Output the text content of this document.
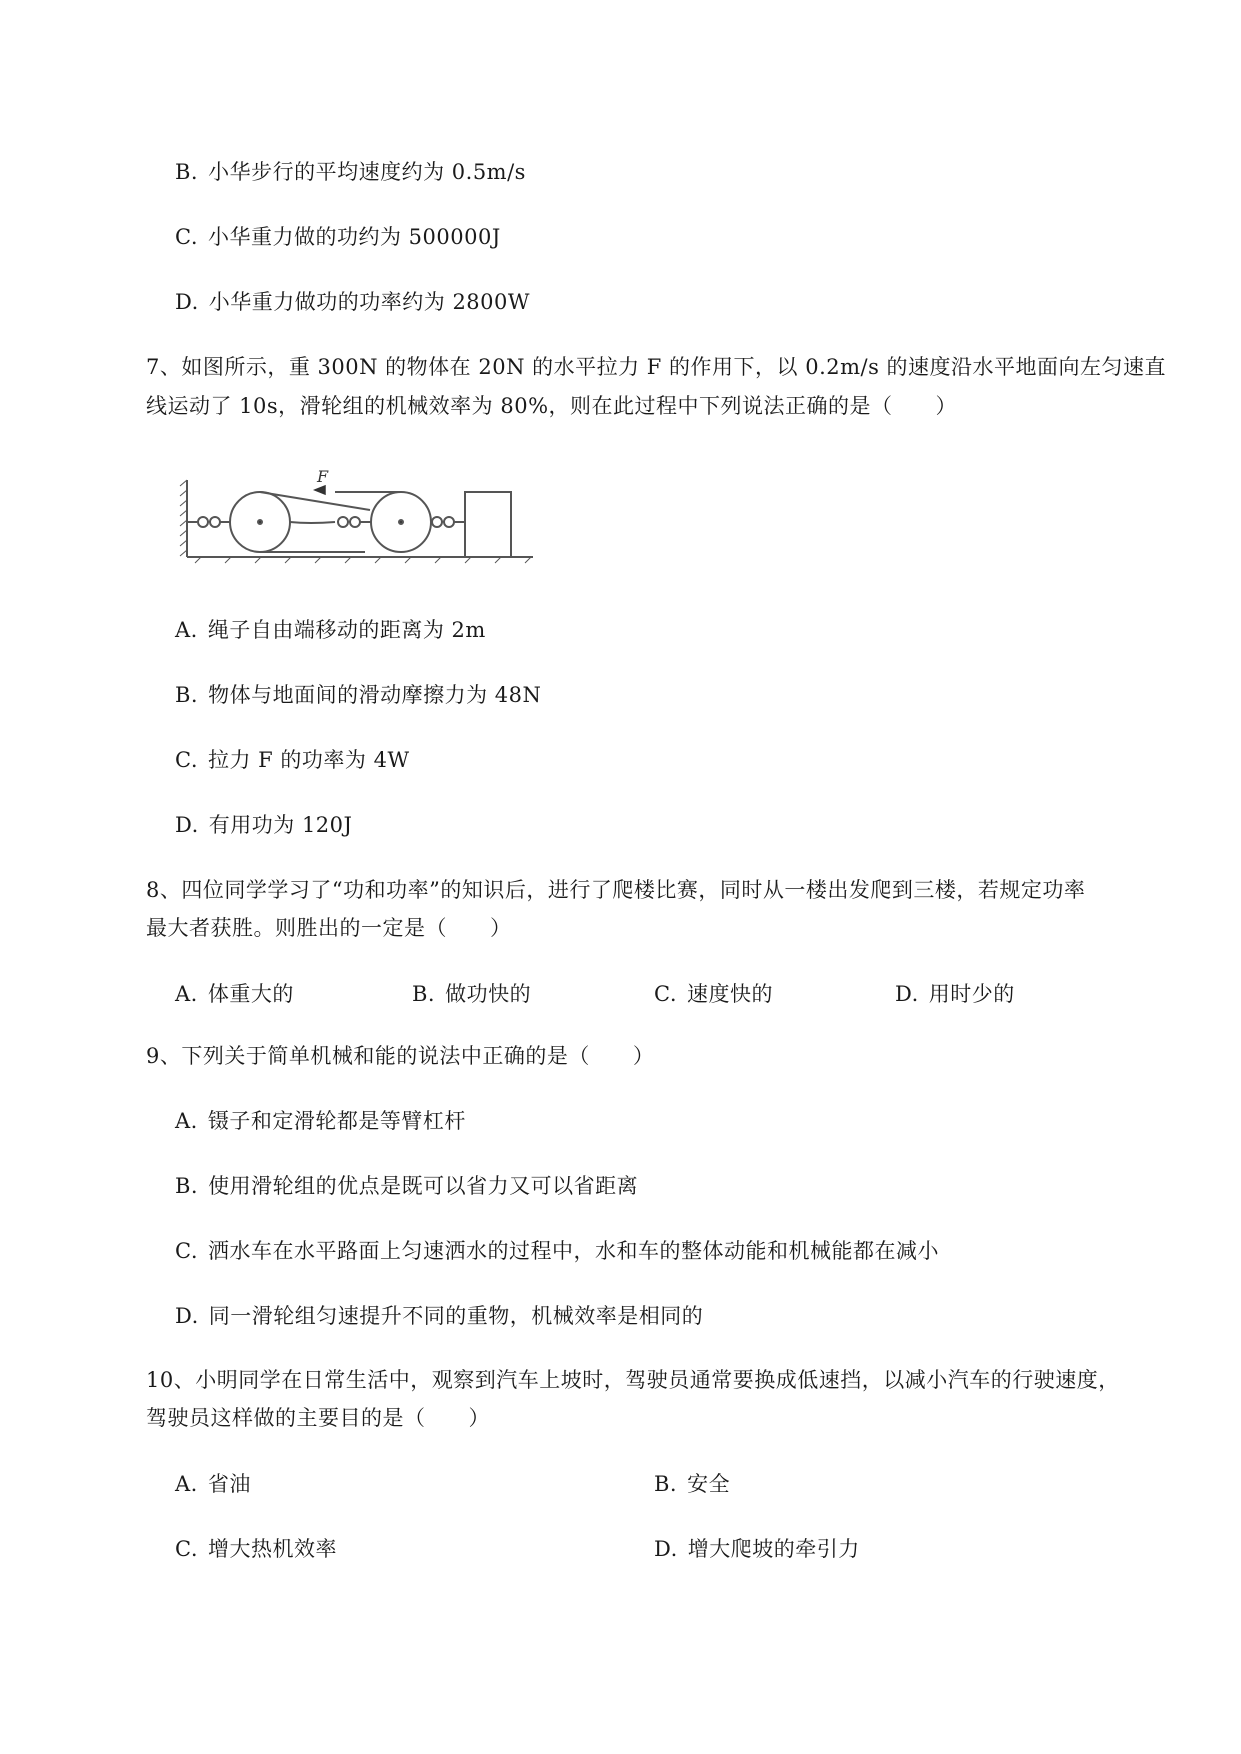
B. 小华步行的平均速度约为 0.5m/s
C. 小华重力做的功约为 500000J
D. 小华重力做功的功率约为 2800W
7、如图所示，重 300N 的物体在 20N 的水平拉力 F 的作用下，以 0.2m/s 的速度沿水平地面向左匀速直
线运动了 10s，滑轮组的机械效率为 80%，则在此过程中下列说法正确的是（　　）
F
A. 绳子自由端移动的距离为 2m
B. 物体与地面间的滑动摩擦力为 48N
C. 拉力 F 的功率为 4W
D. 有用功为 120J
8、四位同学学习了“功和功率”的知识后，进行了爬楼比赛，同时从一楼出发爬到三楼，若规定功率
最大者获胜。则胜出的一定是（　　）
A. 体重大的	B. 做功快的	C. 速度快的	D. 用时少的
9、下列关于简单机械和能的说法中正确的是（　　）
A. 镊子和定滑轮都是等臂杠杆
B. 使用滑轮组的优点是既可以省力又可以省距离
C. 洒水车在水平路面上匀速洒水的过程中，水和车的整体动能和机械能都在减小
D. 同一滑轮组匀速提升不同的重物，机械效率是相同的
10、小明同学在日常生活中，观察到汽车上坡时，驾驶员通常要换成低速挡，以减小汽车的行驶速度，
驾驶员这样做的主要目的是（　　）
A. 省油	B. 安全
C. 增大热机效率	D. 增大爬坡的牵引力
